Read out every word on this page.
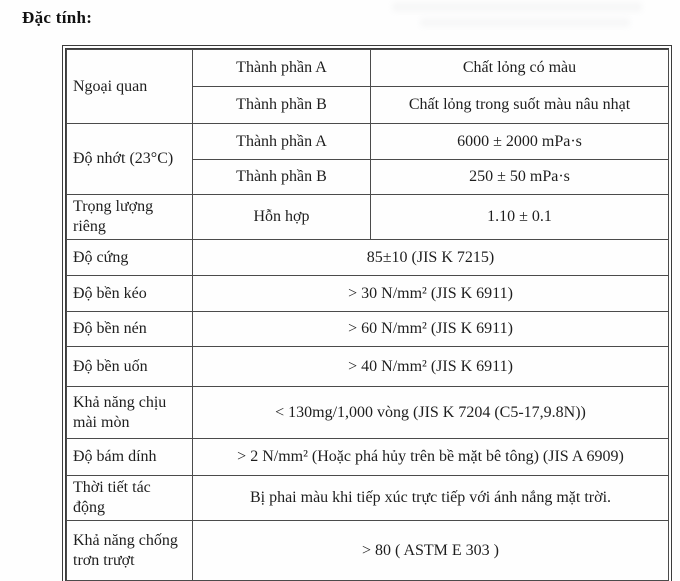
Đặc tính:
Ngoại quan	Thành phần A	Chất lỏng có màu
	Thành phần B	Chất lỏng trong suốt màu nâu nhạt
Độ nhớt (23°C)	Thành phần A	6000 ± 2000 mPa·s
	Thành phần B	250 ± 50 mPa·s
Trọng lượng riêng	Hỗn hợp	1.10 ± 0.1
Độ cứng	85±10 (JIS K 7215)	
Độ bền kéo	> 30 N/mm² (JIS K 6911)	
Độ bền nén	> 60 N/mm² (JIS K 6911)	
Độ bền uốn	> 40 N/mm² (JIS K 6911)	
Khả năng chịu mài mòn	< 130mg/1,000 vòng (JIS K 7204 (C5-17,9.8N))	
Độ bám dính	> 2 N/mm² (Hoặc phá hủy trên bề mặt bê tông) (JIS A 6909)	
Thời tiết tác động	Bị phai màu khi tiếp xúc trực tiếp với ánh nắng mặt trời.	
Khả năng chống trơn trượt	> 80 ( ASTM E 303 )	
